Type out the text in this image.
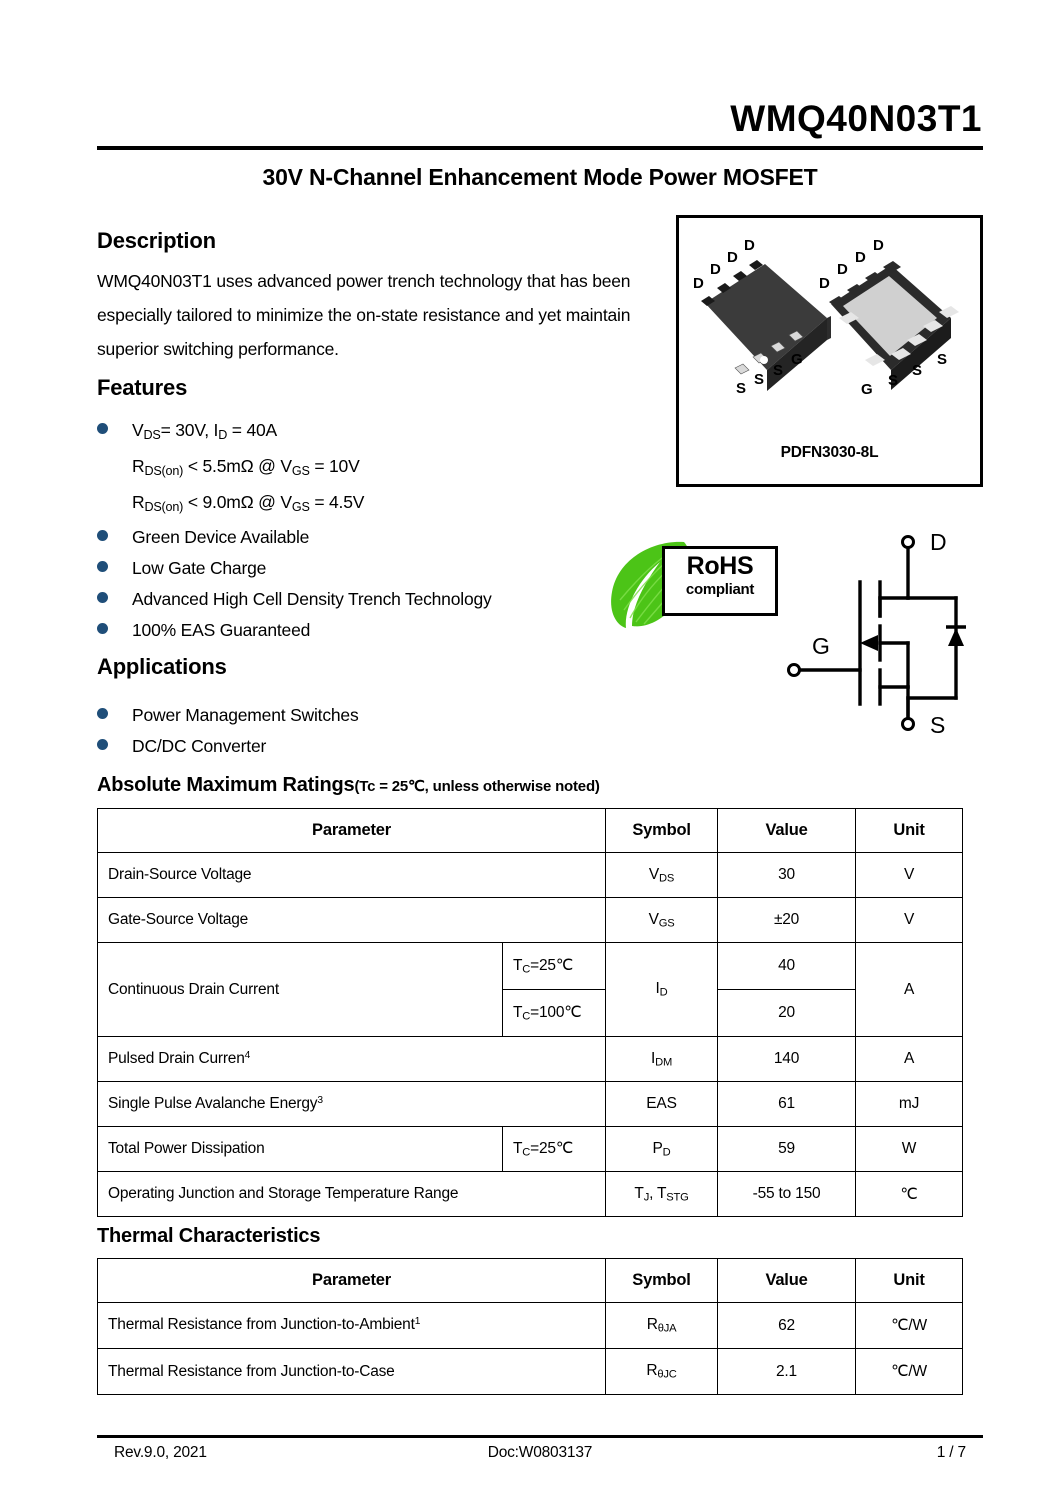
WMQ40N03T1
30V N-Channel Enhancement Mode Power MOSFET
Description
WMQ40N03T1 uses advanced power trench technology that has been especially tailored to minimize the on-state resistance and yet maintain superior switching performance.
Features
$V_{DS}= 30V$, $I_D = 40A$
$R_{DS(on)} < 5.5m\Omega$ @ $V_{GS} = 10V$
$R_{DS(on)} < 9.0m\Omega$ @ $V_{GS} = 4.5V$
Green Device Available
Low Gate Charge
Advanced High Cell Density Trench Technology
100% EAS Guaranteed
Applications
Power Management Switches
DC/DC Converter
D
D
D
D
S
S
S
G
D
D
D
D
G
S
S
S
PDFN3030-8L
RoHS
compliant
D
G
S
Absolute Maximum Ratings(Tc = 25℃, unless otherwise noted)
Parameter		Symbol	Value	Unit
Drain-Source Voltage		$V_{DS}$	30	V
Gate-Source Voltage		$V_{GS}$	±20	V
Continuous Drain Current	$T_C=25℃$	$I_D$	40	A
	$T_C=100℃$		20	
Pulsed Drain Curren$^4$		$I_{DM}$	140	A
Single Pulse Avalanche Energy$^3$		EAS	61	mJ
Total Power Dissipation	$T_C=25℃$	$P_D$	59	W
Operating Junction and Storage Temperature Range		$T_J$, $T_{STG}$	-55 to 150	℃
Thermal Characteristics
Parameter	Symbol	Value	Unit
Thermal Resistance from Junction-to-Ambient$^1$	$R_{\theta JA}$	62	℃/W
Thermal Resistance from Junction-to-Case	$R_{\theta JC}$	2.1	℃/W
Rev.9.0, 2021	Doc:W0803137	1 / 7
